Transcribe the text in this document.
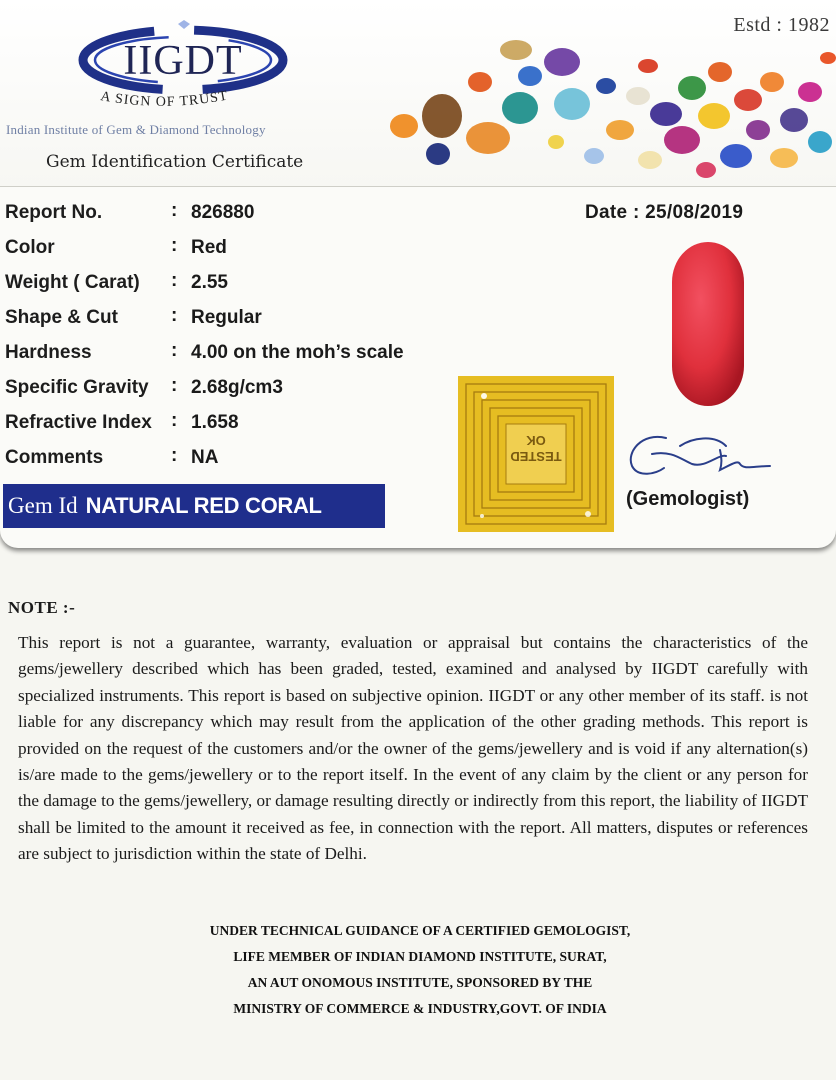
IIGDT
A SIGN OF TRUST
Indian Institute of Gem & Diamond Technology
Gem Identification Certificate
Estd : 1982
Report No.	: 826880
Color	: Red
Weight ( Carat) : 2.55
Shape & Cut	: Regular
Hardness	: 4.00 on the moh’s scale
Specific Gravity : 2.68g/cm3
Refractive Index : 1.658
Comments	: NA
Date : 25/08/2019
TESTED
OK
(Gemologist)
Gem Id NATURAL RED CORAL
NOTE :-
This report is not a guarantee, warranty, evaluation or appraisal but contains the characteristics of the gems/jewellery described which has been graded, tested, examined and analysed by IIGDT carefully with specialized instruments. This report is based on subjective opinion. IIGDT or any other member of its staff. is not liable for any discrepancy which may result from the application of the other grading methods. This report is provided on the request of the customers and/or the owner of the gems/jewellery and is void if any alternation(s) is/are made to the gems/jewellery or to the report itself. In the event of any claim by the client or any person for the damage to the gems/jewellery, or damage resulting directly or indirectly from this report, the liability of IIGDT shall be limited to the amount it received as fee, in connection with the report. All matters, disputes or references are subject to jurisdiction within the state of Delhi.
UNDER TECHNICAL GUIDANCE OF A CERTIFIED GEMOLOGIST,
LIFE MEMBER OF INDIAN DIAMOND INSTITUTE, SURAT,
AN AUT ONOMOUS INSTITUTE, SPONSORED BY THE
MINISTRY OF COMMERCE & INDUSTRY,GOVT. OF INDIA
